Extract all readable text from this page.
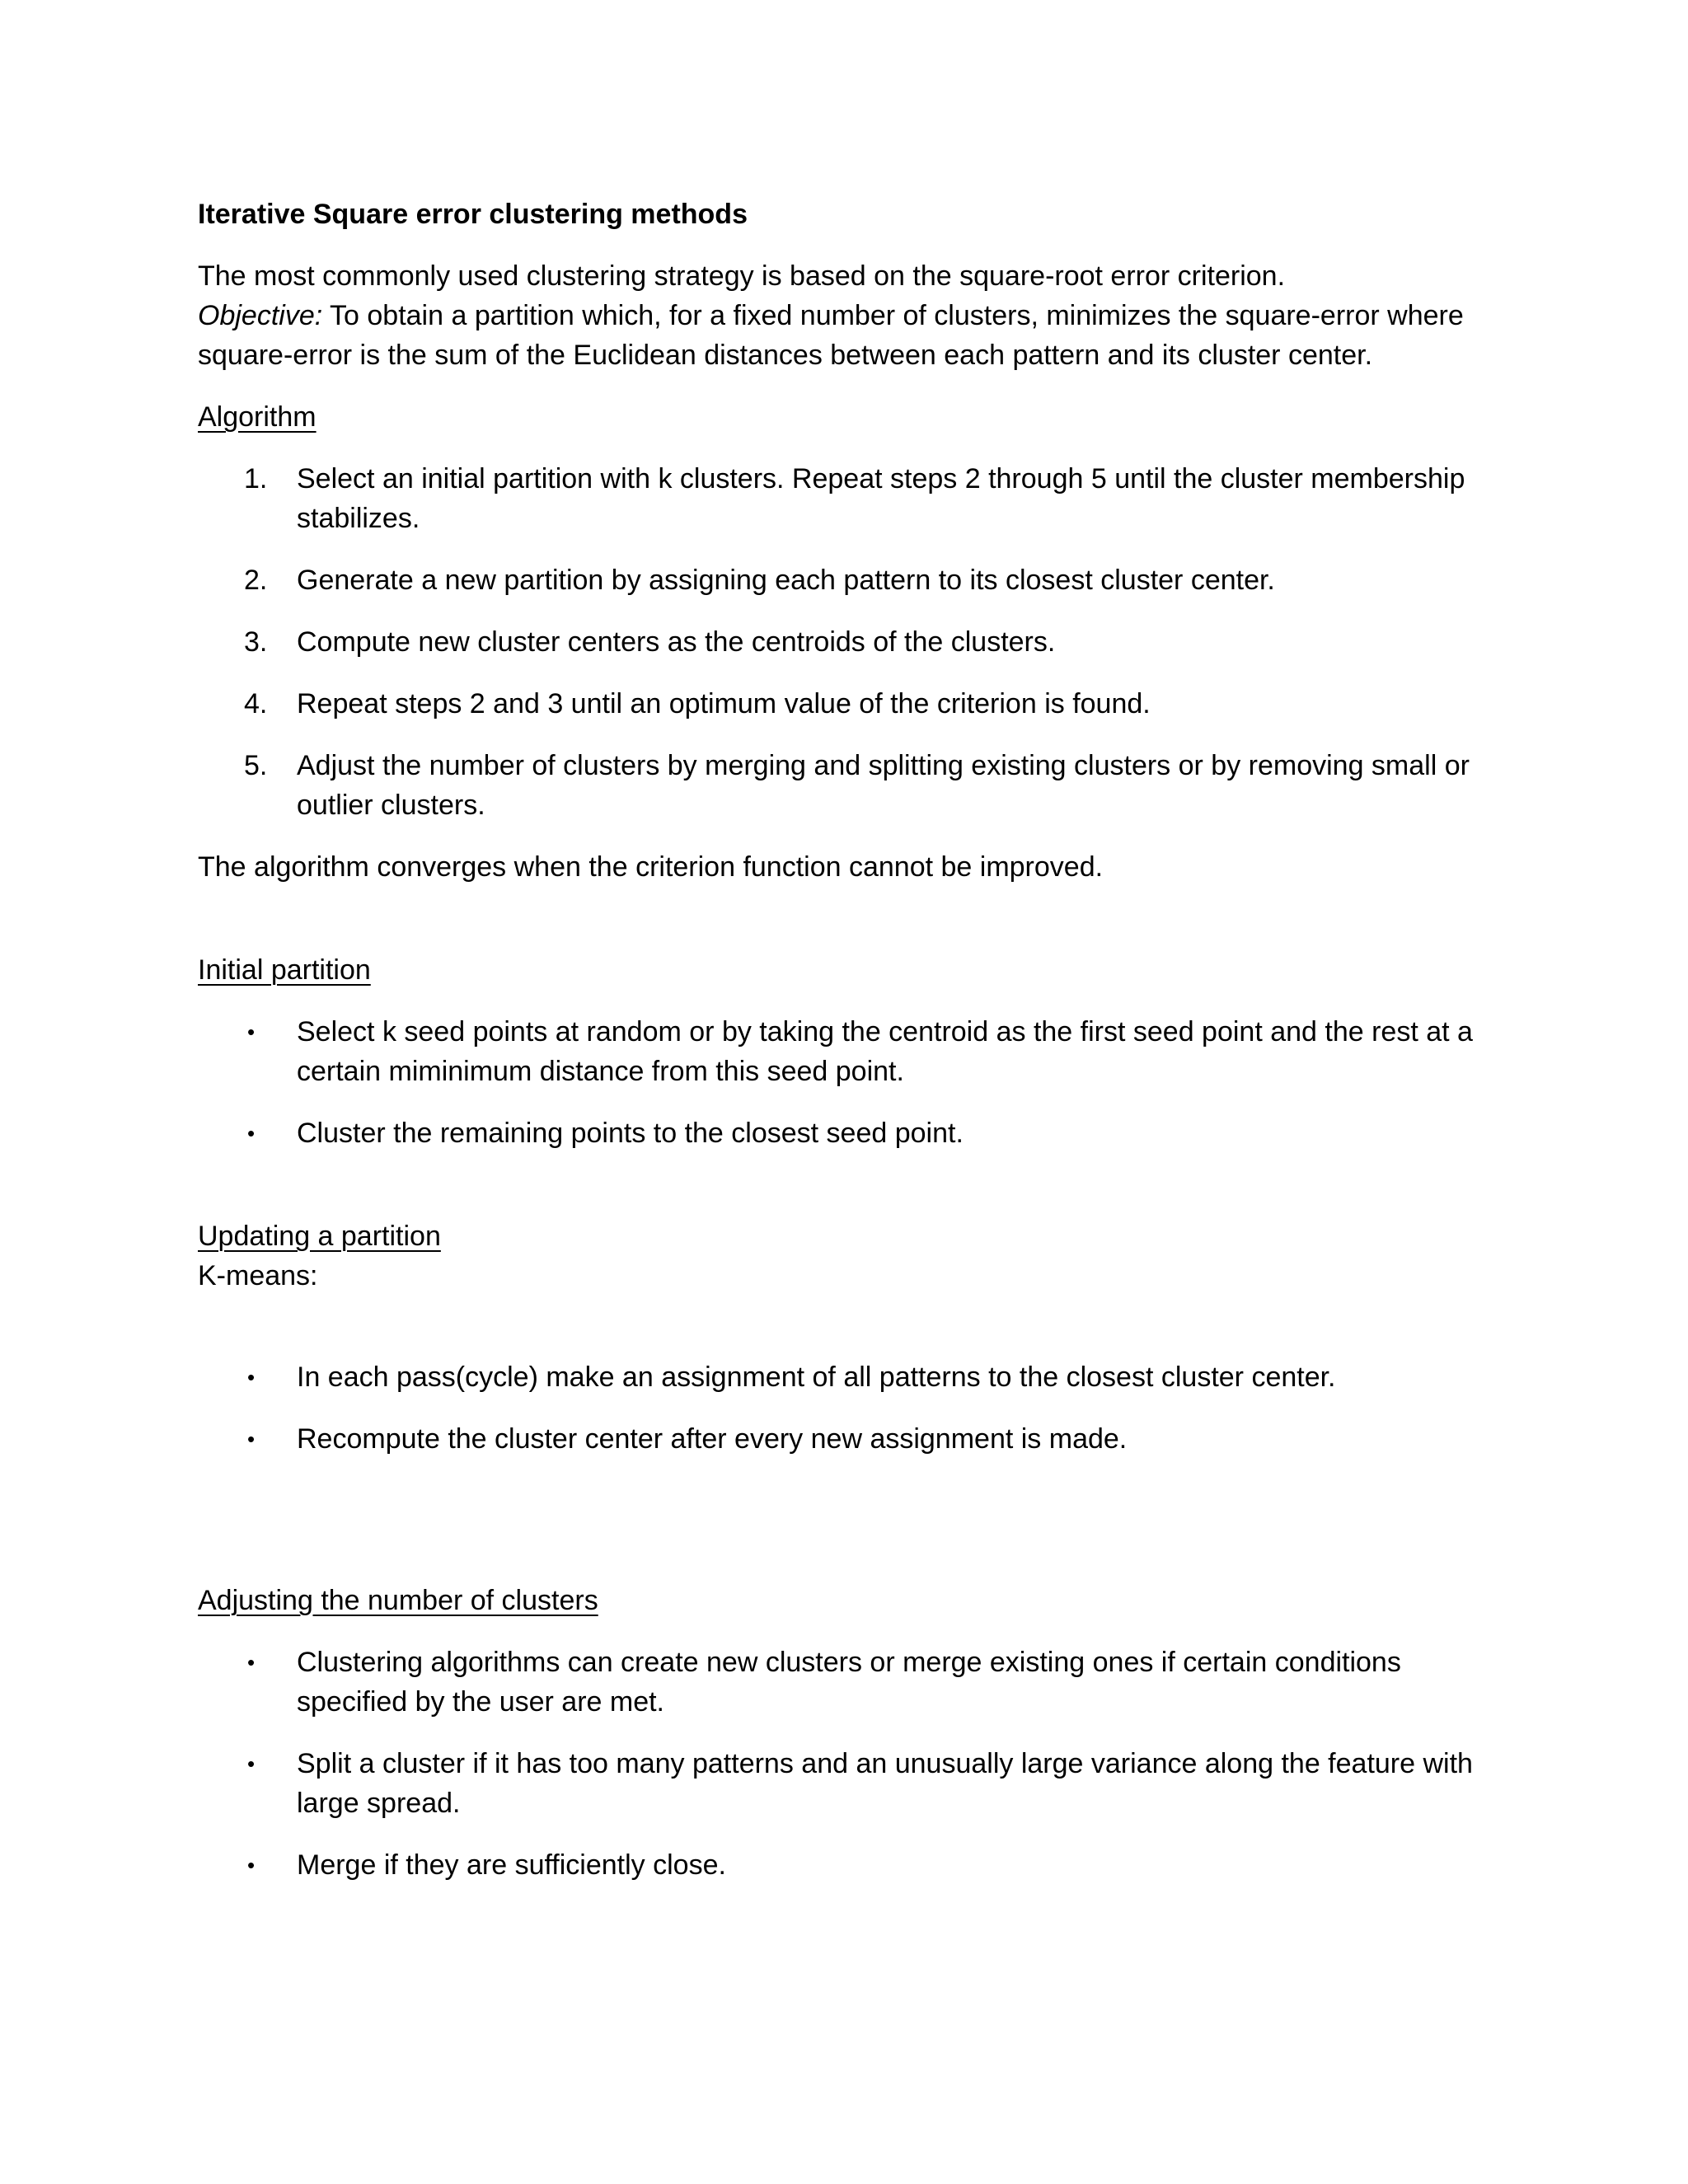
Iterative Square error clustering methods

The most commonly used clustering strategy is based on the square-root error criterion.

Objective: To obtain a partition which, for a fixed number of clusters, minimizes the square-error where

square-error is the sum of the Euclidean distances between each pattern and its cluster center.

Algorithm

1. Select an initial partition with k clusters. Repeat steps 2 through 5 until the cluster membership
stabilizes.
2. Generate a new partition by assigning each pattern to its closest cluster center.
3. Compute new cluster centers as the centroids of the clusters.
4. Repeat steps 2 and 3 until an optimum value of the criterion is found.
5. Adjust the number of clusters by merging and splitting existing clusters or by removing small or
outlier clusters.

The algorithm converges when the criterion function cannot be improved.

Initial partition

• Select k seed points at random or by taking the centroid as the first seed point and the rest at a
certain miminimum distance from this seed point.
• Cluster the remaining points to the closest seed point.

Updating a partition

K-means:

• In each pass(cycle) make an assignment of all patterns to the closest cluster center.
• Recompute the cluster center after every new assignment is made.

Adjusting the number of clusters

• Clustering algorithms can create new clusters or merge existing ones if certain conditions
specified by the user are met.
• Split a cluster if it has too many patterns and an unusually large variance along the feature with
large spread.
• Merge if they are sufficiently close.
